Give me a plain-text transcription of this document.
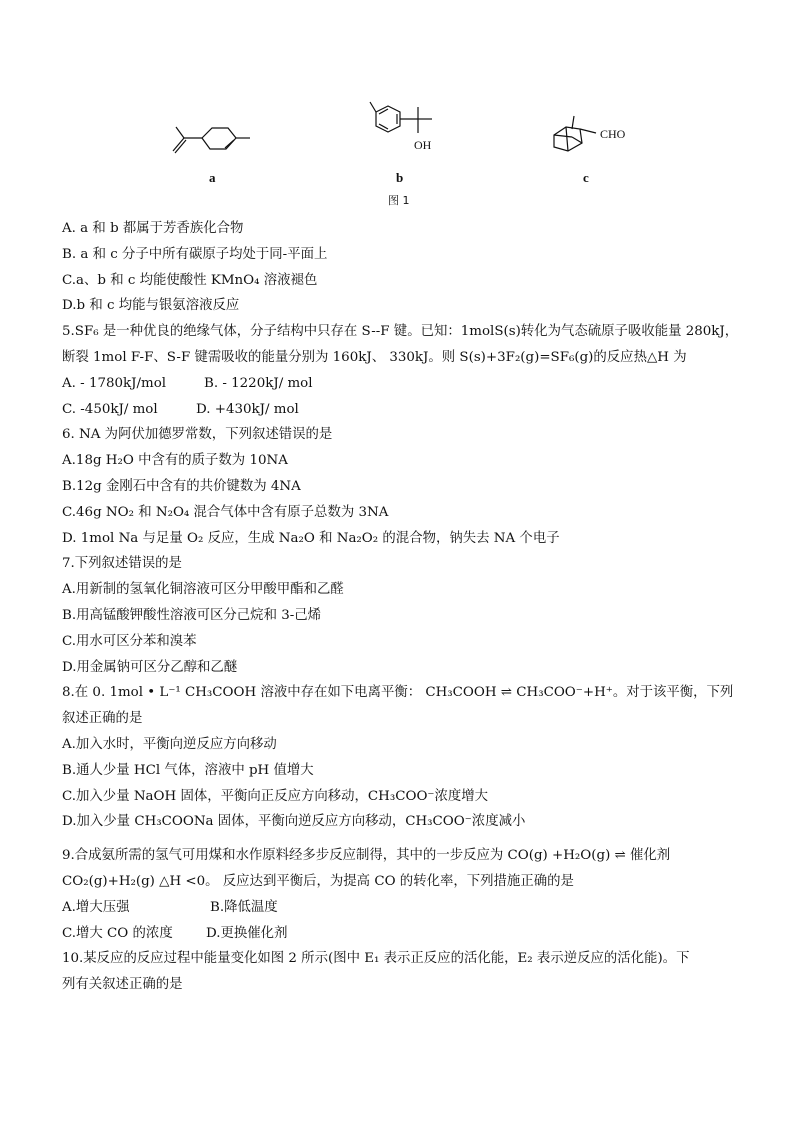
a
OH
b
CHO
c
图 1
A. a 和 b 都属于芳香族化合物
B. a 和 c 分子中所有碳原子均处于同-平面上
C.a、b 和 c 均能使酸性 KMnO₄ 溶液褪色
D.b 和 c 均能与银氨溶液反应
5.SF₆ 是一种优良的绝缘气体，分子结构中只存在 S--F 键。已知：1molS(s)转化为气态硫原子吸收能量 280kJ，
断裂 1mol F-F、S-F 键需吸收的能量分别为 160kJ、 330kJ。则 S(s)+3F₂(g)=SF₆(g)的反应热△H 为
A. - 1780kJ/mol	B. - 1220kJ/ mol
C. -450kJ/ mol	D. +430kJ/ mol
6. NA 为阿伏加德罗常数，下列叙述错误的是
A.18g H₂O 中含有的质子数为 10NA
B.12g 金刚石中含有的共价键数为 4NA
C.46g NO₂ 和 N₂O₄ 混合气体中含有原子总数为 3NA
D. 1mol Na 与足量 O₂ 反应，生成 Na₂O 和 Na₂O₂ 的混合物，钠失去 NA 个电子
7.下列叙述错误的是
A.用新制的氢氧化铜溶液可区分甲酸甲酯和乙醛
B.用高锰酸钾酸性溶液可区分己烷和 3-己烯
C.用水可区分苯和溴苯
D.用金属钠可区分乙醇和乙醚
8.在 0. 1mol • L⁻¹ CH₃COOH 溶液中存在如下电离平衡： CH₃COOH ⇌ CH₃COO⁻+H⁺。对于该平衡，下列
叙述正确的是
A.加入水时，平衡向逆反应方向移动
B.通人少量 HCl 气体，溶液中 pH 值增大
C.加入少量 NaOH 固体，平衡向正反应方向移动，CH₃COO⁻浓度增大
D.加入少量 CH₃COONa 固体，平衡向逆反应方向移动，CH₃COO⁻浓度减小
9.合成氨所需的氢气可用煤和水作原料经多步反应制得，其中的一步反应为 CO(g) +H₂O(g) ⇌ 催化剂
CO₂(g)+H₂(g) △H <0。 反应达到平衡后，为提高 CO 的转化率，下列措施正确的是
A.增大压强	B.降低温度
C.增大 CO 的浓度 D.更换催化剂
10.某反应的反应过程中能量变化如图 2 所示(图中 E₁ 表示正反应的活化能，E₂ 表示逆反应的活化能)。下
列有关叙述正确的是
